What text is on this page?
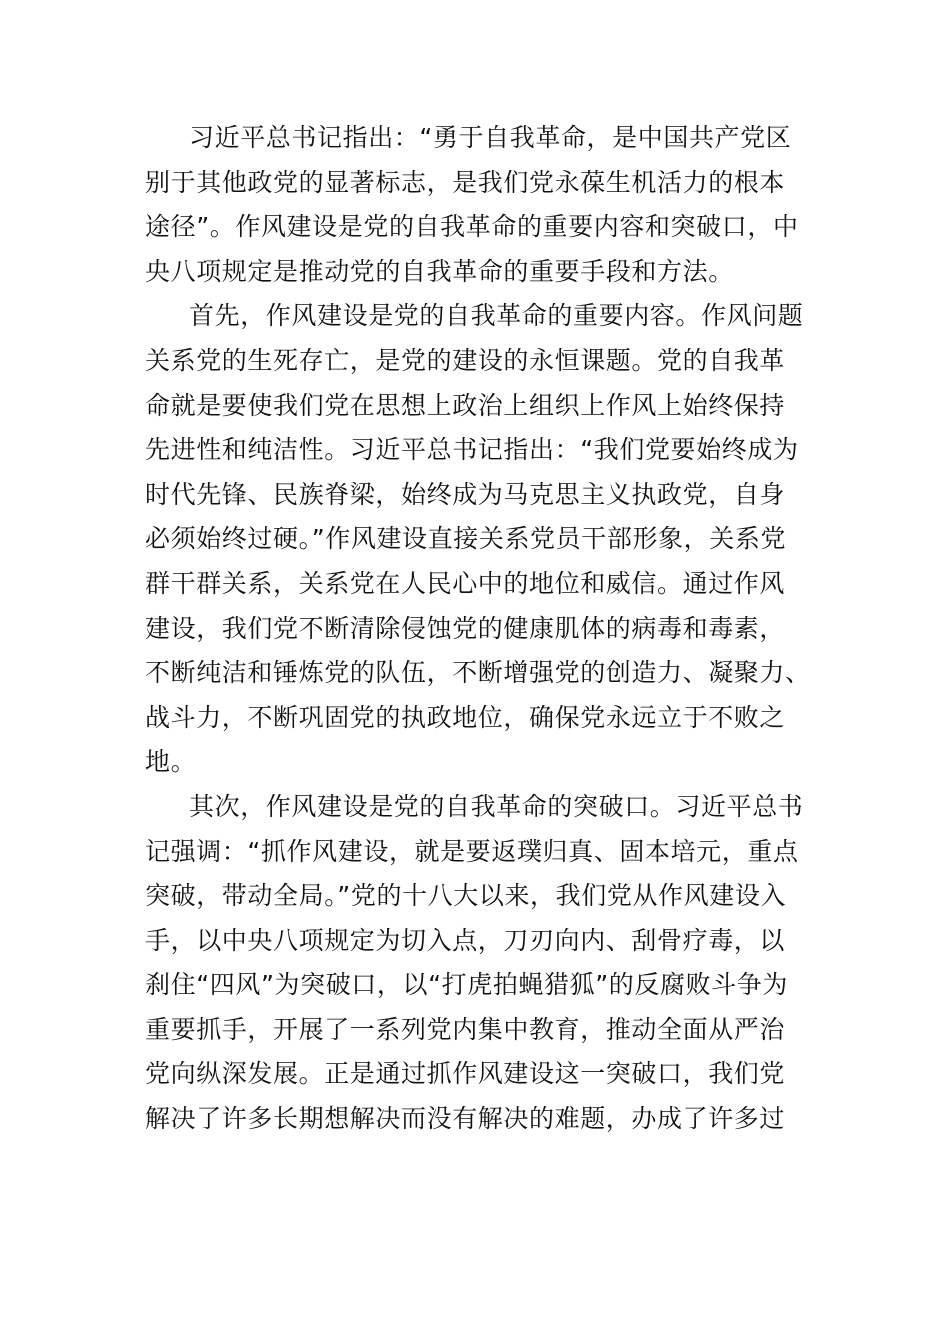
习近平总书记指出：“勇于自我革命，是中国共产党区
别于其他政党的显著标志，是我们党永葆生机活力的根本
途径”。作风建设是党的自我革命的重要内容和突破口，中
央八项规定是推动党的自我革命的重要手段和方法。
首先，作风建设是党的自我革命的重要内容。作风问题
关系党的生死存亡，是党的建设的永恒课题。党的自我革
命就是要使我们党在思想上政治上组织上作风上始终保持
先进性和纯洁性。习近平总书记指出：“我们党要始终成为
时代先锋、民族脊梁，始终成为马克思主义执政党，自身
必须始终过硬。”作风建设直接关系党员干部形象，关系党
群干群关系，关系党在人民心中的地位和威信。通过作风
建设，我们党不断清除侵蚀党的健康肌体的病毒和毒素，
不断纯洁和锤炼党的队伍，不断增强党的创造力、凝聚力、
战斗力，不断巩固党的执政地位，确保党永远立于不败之
地。
其次，作风建设是党的自我革命的突破口。习近平总书
记强调：“抓作风建设，就是要返璞归真、固本培元，重点
突破，带动全局。”党的十八大以来，我们党从作风建设入
手，以中央八项规定为切入点，刀刃向内、刮骨疗毒，以
刹住“四风”为突破口，以“打虎拍蝇猎狐”的反腐败斗争为
重要抓手，开展了一系列党内集中教育，推动全面从严治
党向纵深发展。正是通过抓作风建设这一突破口，我们党
解决了许多长期想解决而没有解决的难题，办成了许多过
